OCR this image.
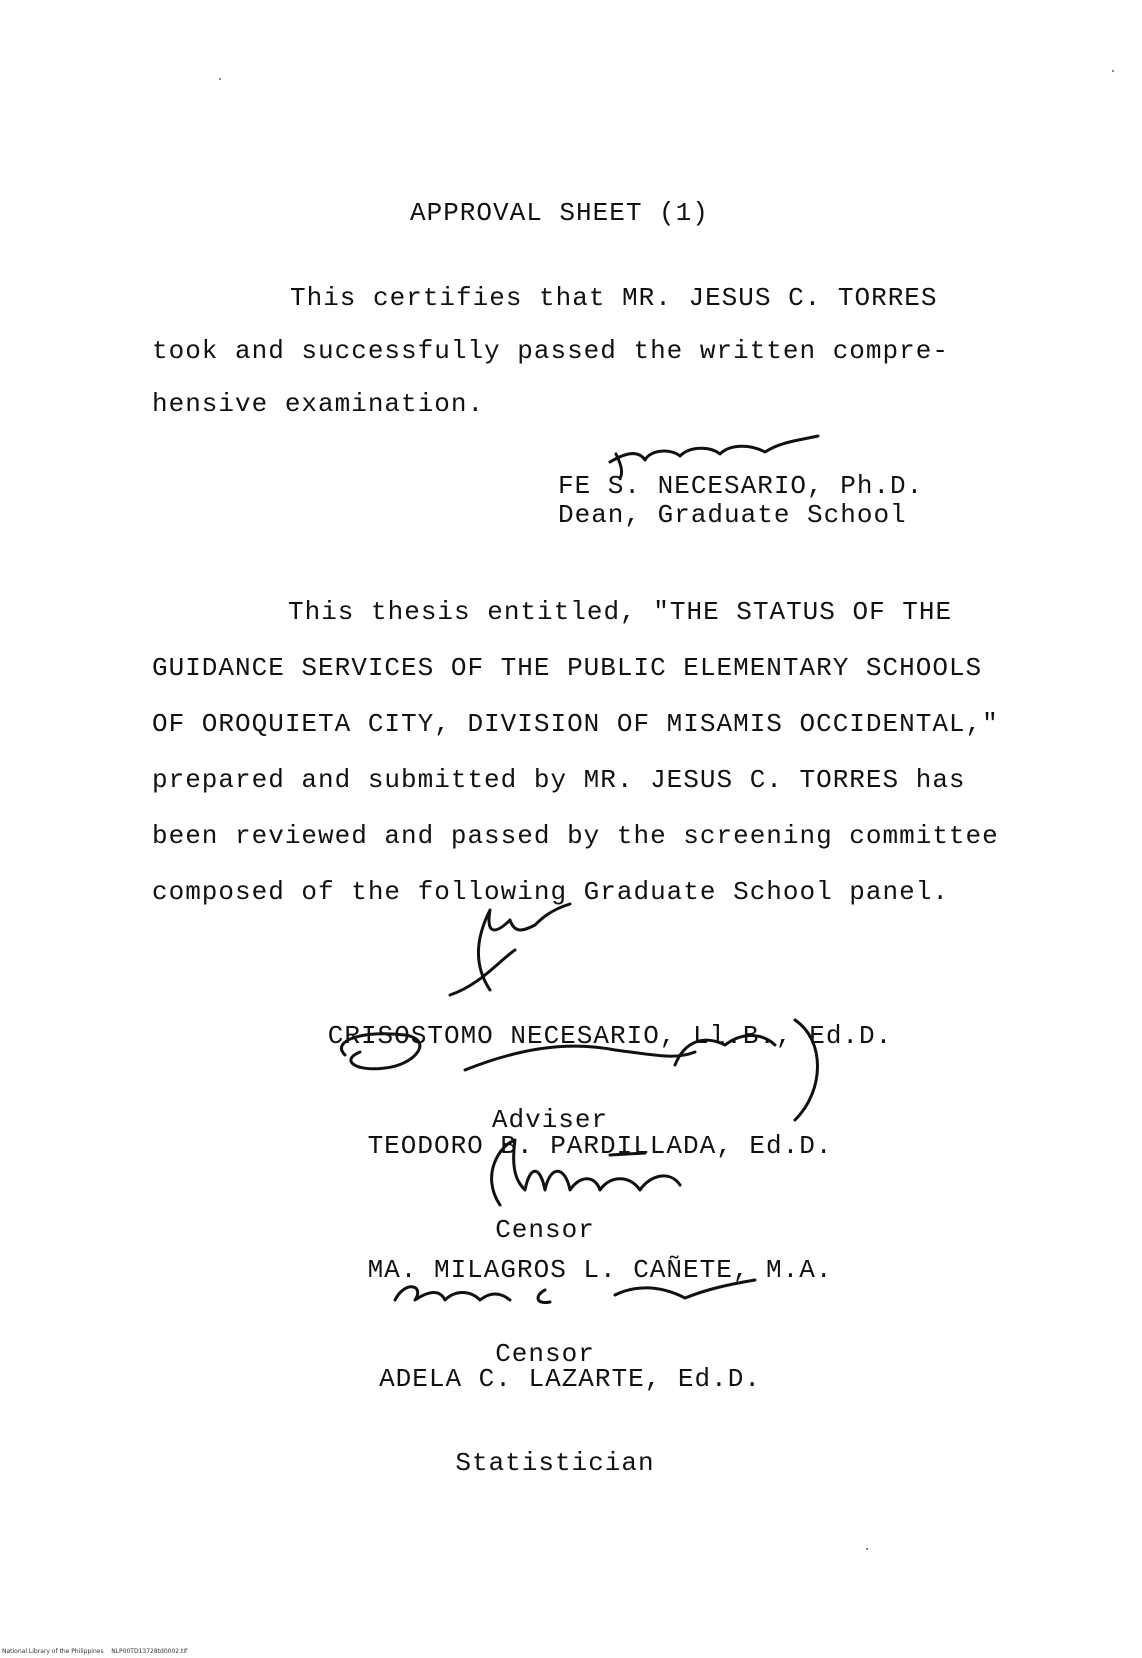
APPROVAL SHEET (1)
This certifies that MR. JESUS C. TORRES
took and successfully passed the written compre-
hensive examination.
FE S. NECESARIO, Ph.D.
Dean, Graduate School
This thesis entitled, "THE STATUS OF THE
GUIDANCE SERVICES OF THE PUBLIC ELEMENTARY SCHOOLS
OF OROQUIETA CITY, DIVISION OF MISAMIS OCCIDENTAL,"
prepared and submitted by MR. JESUS C. TORRES has
been reviewed and passed by the screening committee
composed of the following Graduate School panel.

CRISOSTOMO NECESARIO, Ll.B., Ed.D.

Adviser

TEODORO B. PARDILLADA, Ed.D.

Censor

MA. MILAGROS L. CAÑETE, M.A.

Censor

ADELA C. LAZARTE, Ed.D.

Statistician

National Library of the Philippines    NLP00TD13728td0002.tif
